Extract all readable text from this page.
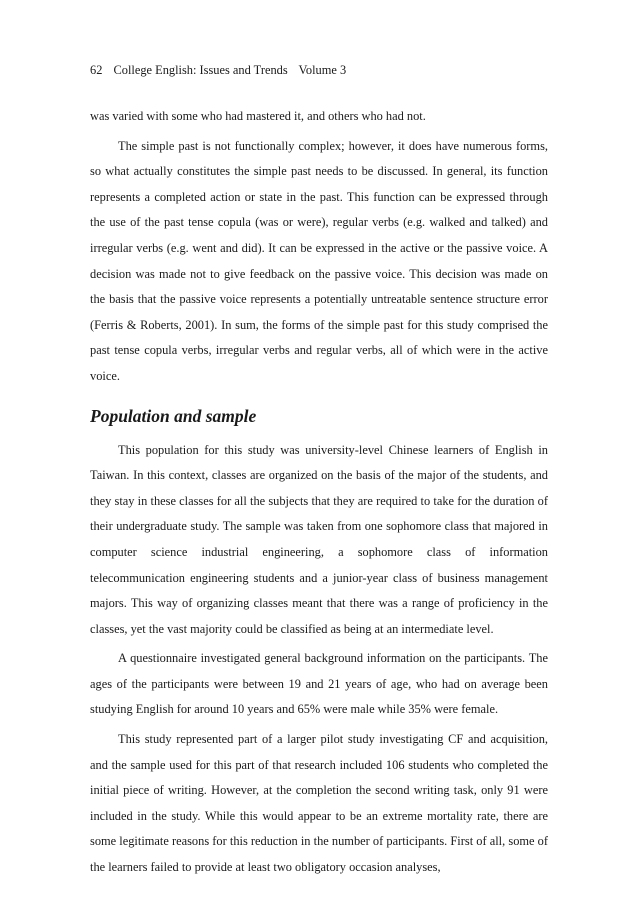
62 College English: Issues and Trends Volume 3

was varied with some who had mastered it, and others who had not.

The simple past is not functionally complex; however, it does have numerous forms, so what actually constitutes the simple past needs to be discussed. In general, its function represents a completed action or state in the past. This function can be expressed through the use of the past tense copula (was or were), regular verbs (e.g. walked and talked) and irregular verbs (e.g. went and did). It can be expressed in the active or the passive voice. A decision was made not to give feedback on the passive voice. This decision was made on the basis that the passive voice represents a potentially untreatable sentence structure error (Ferris & Roberts, 2001). In sum, the forms of the simple past for this study comprised the past tense copula verbs, irregular verbs and regular verbs, all of which were in the active voice.

Population and sample

This population for this study was university-level Chinese learners of English in Taiwan. In this context, classes are organized on the basis of the major of the students, and they stay in these classes for all the subjects that they are required to take for the duration of their undergraduate study. The sample was taken from one sophomore class that majored in computer science industrial engineering, a sophomore class of information telecommunication engineering students and a junior-year class of business management majors. This way of organizing classes meant that there was a range of proficiency in the classes, yet the vast majority could be classified as being at an intermediate level.

A questionnaire investigated general background information on the participants. The ages of the participants were between 19 and 21 years of age, who had on average been studying English for around 10 years and 65% were male while 35% were female.

This study represented part of a larger pilot study investigating CF and acquisition, and the sample used for this part of that research included 106 students who completed the initial piece of writing. However, at the completion the second writing task, only 91 were included in the study. While this would appear to be an extreme mortality rate, there are some legitimate reasons for this reduction in the number of participants. First of all, some of the learners failed to provide at least two obligatory occasion analyses,
